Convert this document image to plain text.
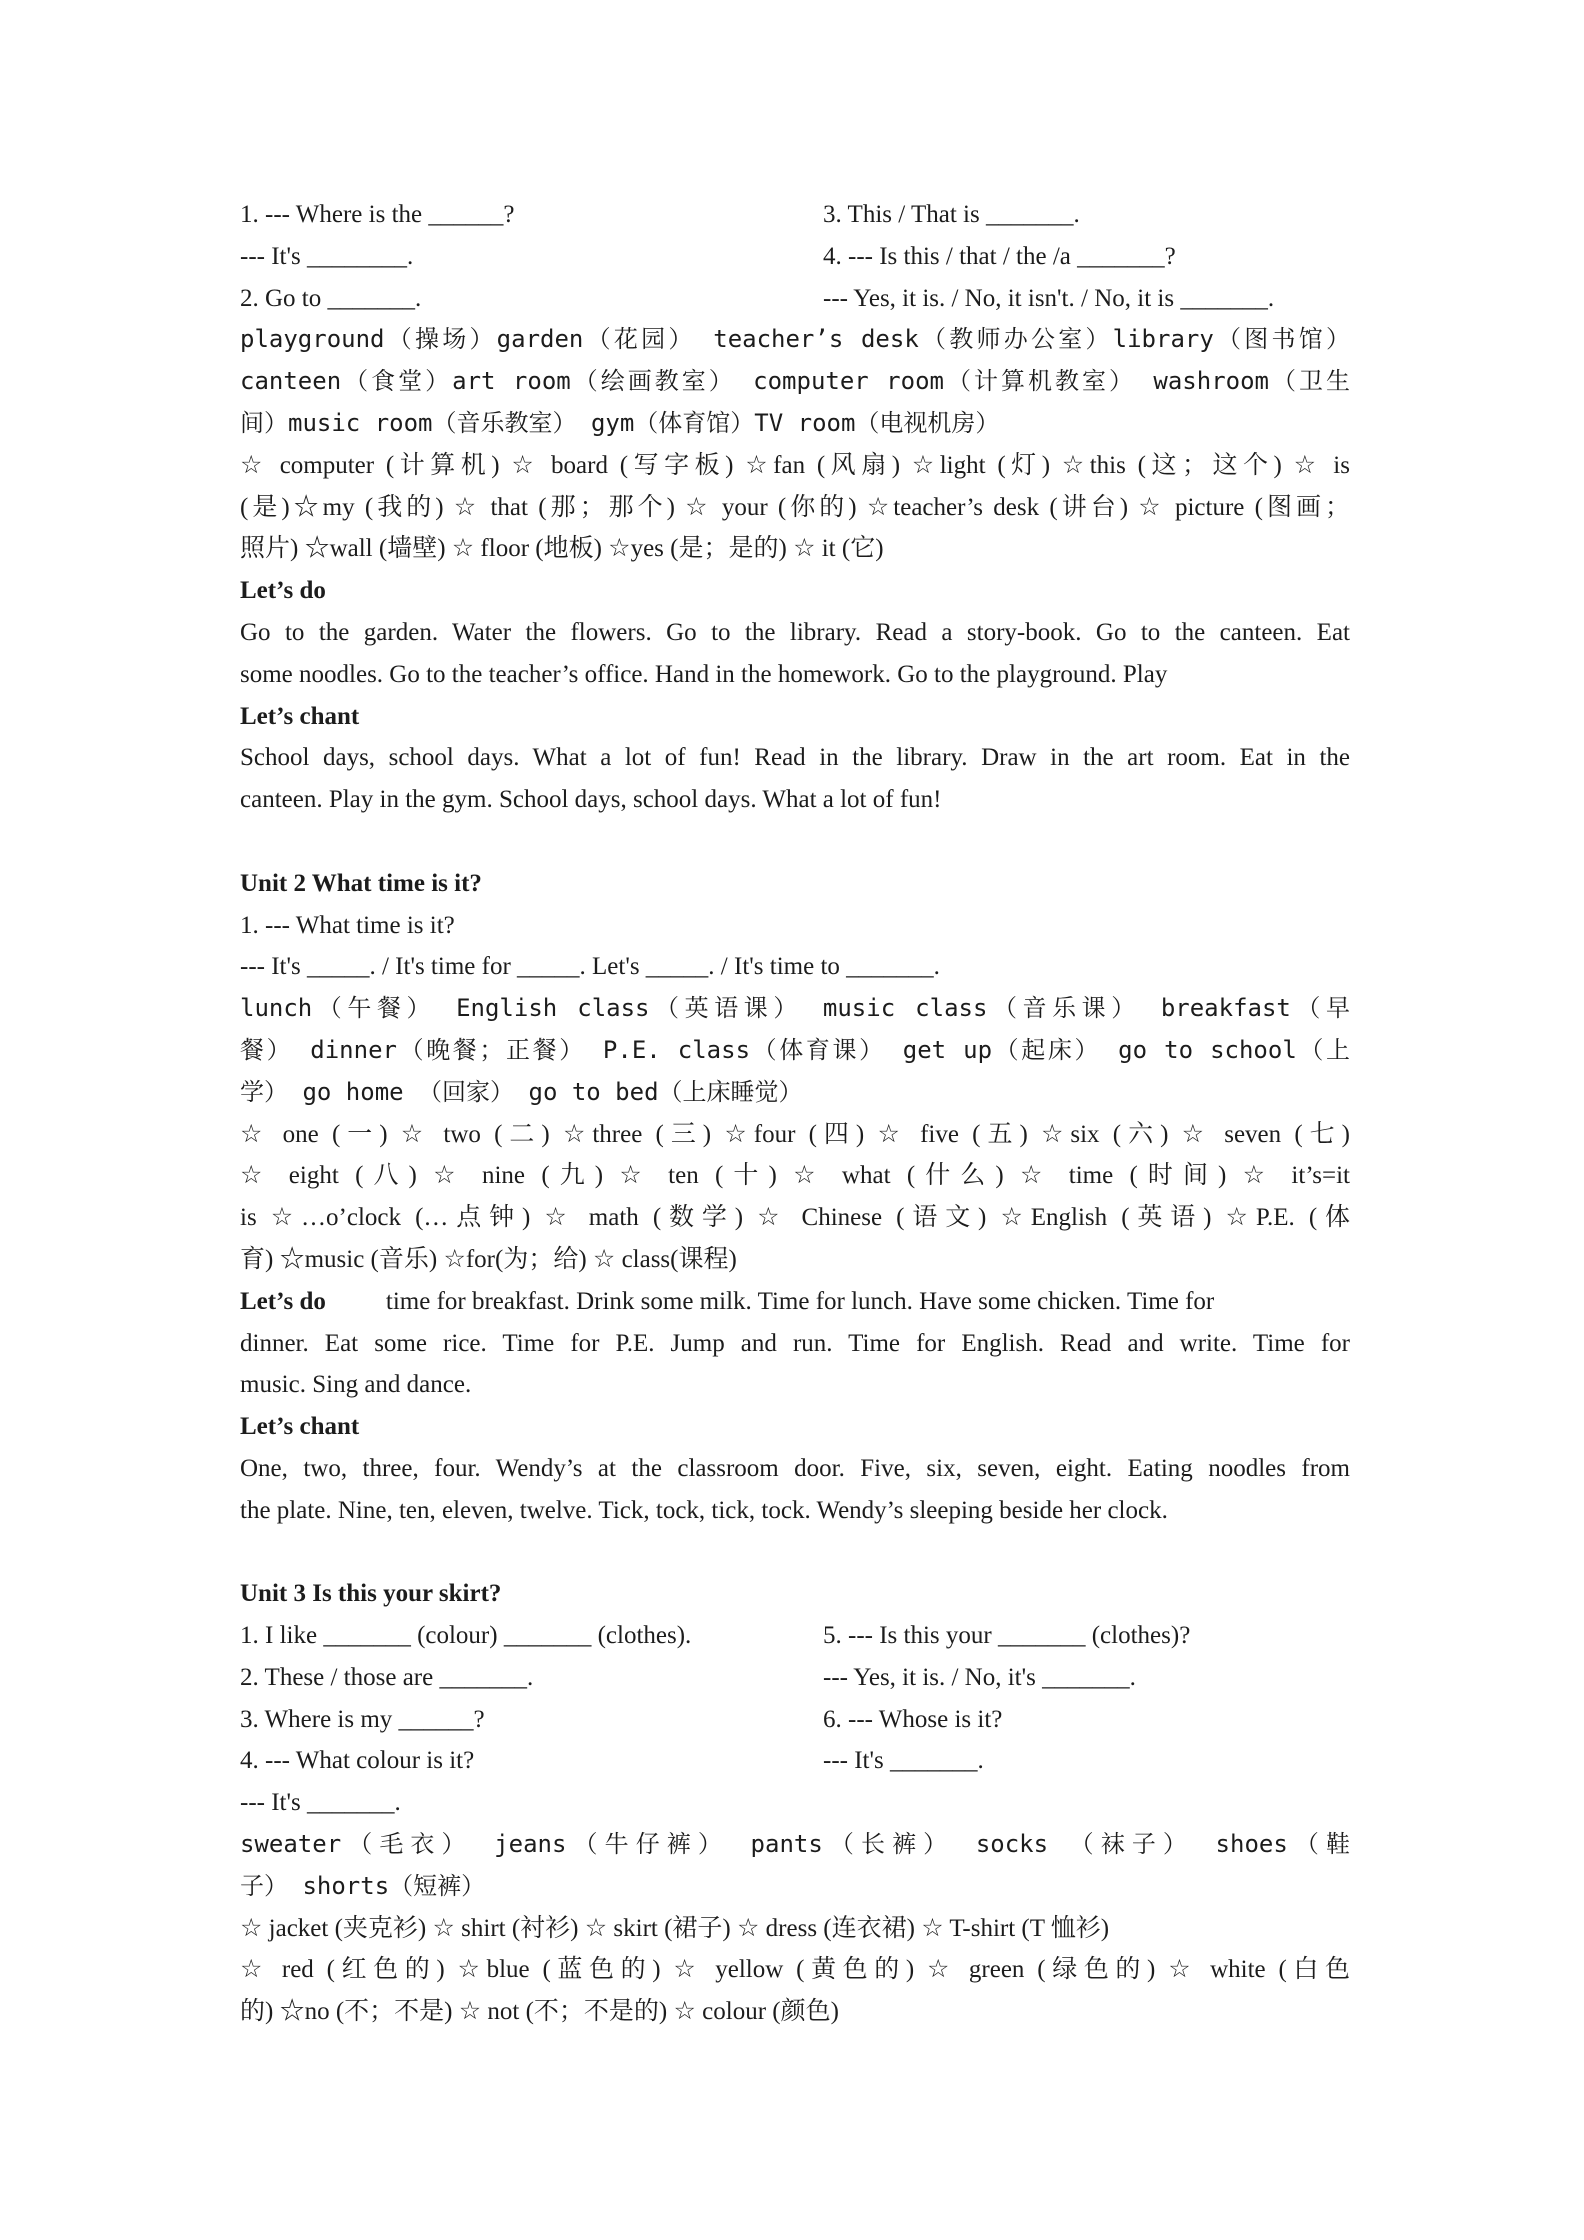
1. --- Where is the ______?	3. This / That is _______.
--- It's ________.	4. --- Is this / that / the /a _______?
2. Go to _______.	--- Yes, it is. / No, it isn't. / No, it is _______.
playground（操场）garden（花园） teacher’s desk（教师办公室）library（图书馆）
canteen（食堂）art room（绘画教室） computer room（计算机教室） washroom（卫生
间）music room（音乐教室） gym（体育馆）TV room（电视机房）
☆ computer (计算机) ☆ board (写字板) ☆fan (风扇) ☆light (灯) ☆this (这；这个) ☆ is
(是)☆my (我的) ☆ that (那；那个) ☆ your (你的) ☆teacher’s desk (讲台) ☆ picture (图画；
照片) ☆wall (墙壁) ☆ floor (地板) ☆yes (是；是的) ☆ it (它)
Let’s do
Go to the garden. Water the flowers. Go to the library. Read a story-book. Go to the canteen. Eat
some noodles. Go to the teacher’s office. Hand in the homework. Go to the playground. Play
Let’s chant
School days, school days. What a lot of fun! Read in the library. Draw in the art room. Eat in the
canteen. Play in the gym. School days, school days. What a lot of fun!
Unit 2 What time is it?
1. --- What time is it?
--- It's _____. / It's time for _____. Let's _____. / It's time to _______.
lunch（午餐） English class（英语课） music class（音乐课） breakfast（早
餐） dinner（晚餐；正餐） P.E. class（体育课） get up（起床） go to school（上
学） go home （回家） go to bed（上床睡觉）
☆ one (一) ☆ two (二) ☆three (三) ☆four (四) ☆ five (五) ☆six (六) ☆ seven (七)
☆ eight (八) ☆ nine (九) ☆ ten (十) ☆ what (什么) ☆ time (时间) ☆ it’s=it
is ☆…o’clock (…点钟) ☆ math (数学) ☆ Chinese (语文) ☆English (英语) ☆P.E. (体
育) ☆music (音乐) ☆for(为；给) ☆ class(课程)
Let’s do time for breakfast. Drink some milk. Time for lunch. Have some chicken. Time for
dinner. Eat some rice. Time for P.E. Jump and run. Time for English. Read and write. Time for
music. Sing and dance.
Let’s chant
One, two, three, four. Wendy’s at the classroom door. Five, six, seven, eight. Eating noodles from
the plate. Nine, ten, eleven, twelve. Tick, tock, tick, tock. Wendy’s sleeping beside her clock.
Unit 3 Is this your skirt?
1. I like _______ (colour) _______ (clothes).	5. --- Is this your _______ (clothes)?
2. These / those are _______.	--- Yes, it is. / No, it's _______.
3. Where is my ______?	6. --- Whose is it?
4. --- What colour is it?	--- It's _______.
--- It's _______.
sweater（毛衣） jeans（牛仔裤） pants（长裤） socks （袜子） shoes（鞋
子） shorts（短裤）
☆ jacket (夹克衫) ☆ shirt (衬衫) ☆ skirt (裙子) ☆ dress (连衣裙) ☆ T-shirt (T 恤衫)
☆ red (红色的) ☆blue (蓝色的) ☆ yellow (黄色的) ☆ green (绿色的) ☆ white (白色
的) ☆no (不；不是) ☆ not (不；不是的) ☆ colour (颜色)
